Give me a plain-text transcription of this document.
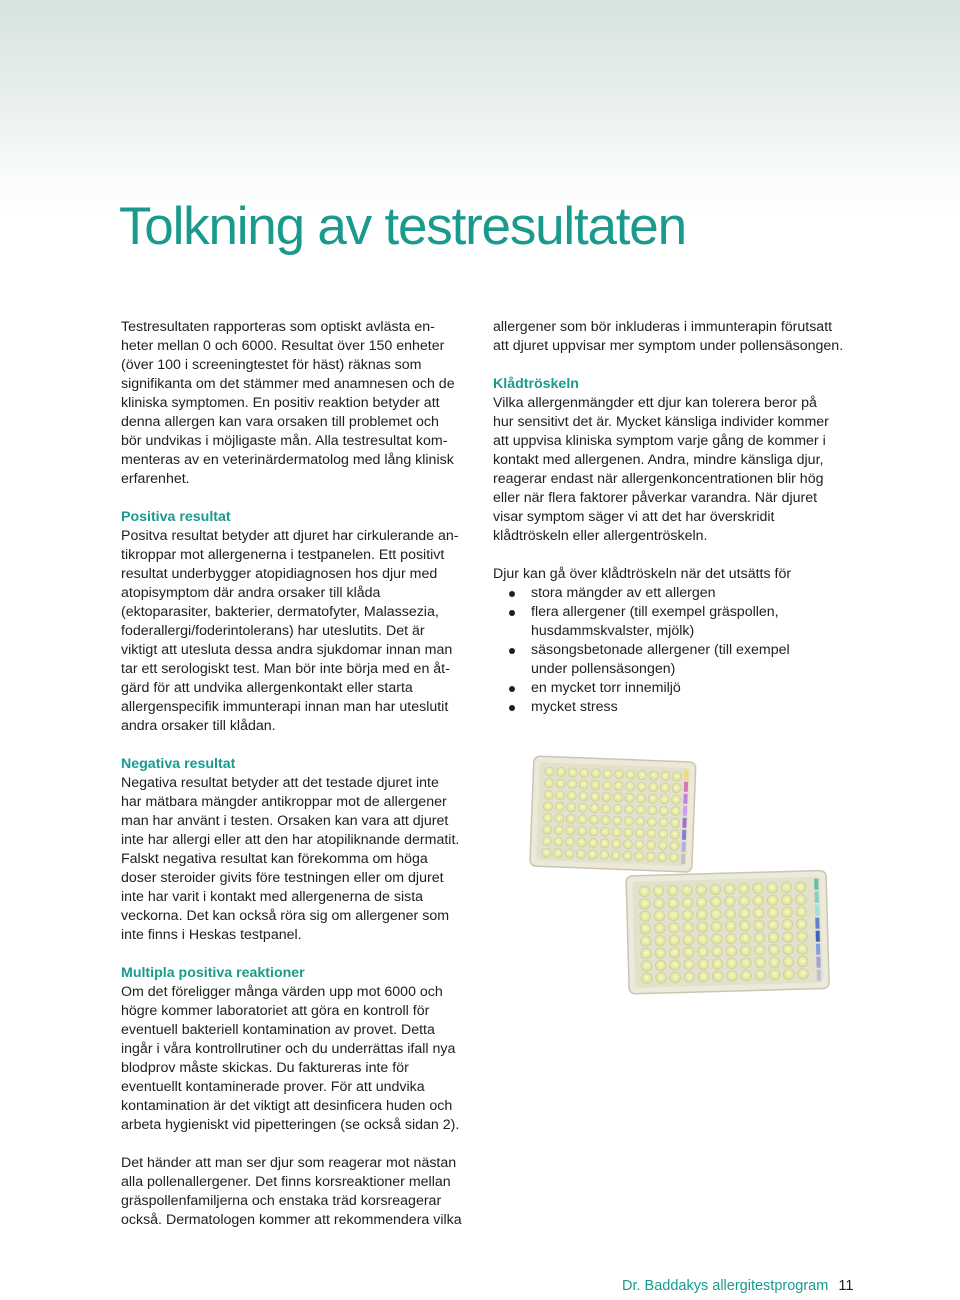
Tolkning av testresultaten

Testresultaten rapporteras som optiskt avlästa en-

heter mellan 0 och 6000. Resultat över 150 enheter

(över 100 i screeningtestet för häst) räknas som

signifikanta om det stämmer med anamnesen och de

kliniska symptomen. En positiv reaktion betyder att

denna allergen kan vara orsaken till problemet och

bör undvikas i möjligaste mån. Alla testresultat kom-

menteras av en veterinärdermatolog med lång klinisk

erfarenhet.

Positiva resultat

Positva resultat betyder att djuret har cirkulerande an-

tikroppar mot allergenerna i testpanelen. Ett positivt

resultat underbygger atopidiagnosen hos djur med

atopisymptom där andra orsaker till klåda

(ektoparasiter, bakterier, dermatofyter, Malassezia,

foderallergi/foderintolerans) har uteslutits. Det är

viktigt att utesluta dessa andra sjukdomar innan man

tar ett serologiskt test. Man bör inte börja med en åt-

gärd för att undvika allergenkontakt eller starta

allergenspecifik immunterapi innan man har uteslutit

andra orsaker till klådan.

Negativa resultat

Negativa resultat betyder att det testade djuret inte

har mätbara mängder antikroppar mot de allergener

man har använt i testen. Orsaken kan vara att djuret

inte har allergi eller att den har atopiliknande dermatit.

Falskt negativa resultat kan förekomma om höga

doser steroider givits före testningen eller om djuret

inte har varit i kontakt med allergenerna de sista

veckorna. Det kan också röra sig om allergener som

inte finns i Heskas testpanel.

Multipla positiva reaktioner

Om det föreligger många värden upp mot 6000 och

högre kommer laboratoriet att göra en kontroll för

eventuell bakteriell kontamination av provet. Detta

ingår i våra kontrollrutiner och du underrättas ifall nya

blodprov måste skickas. Du faktureras inte för

eventuellt kontaminerade prover. För att undvika

kontamination är det viktigt att desinficera huden och

arbeta hygieniskt vid pipetteringen (se också sidan 2).

Det händer att man ser djur som reagerar mot nästan

alla pollenallergener. Det finns korsreaktioner mellan

gräspollenfamiljerna och enstaka träd korsreagerar

också. Dermatologen kommer att rekommendera vilka

allergener som bör inkluderas i immunterapin förutsatt

att djuret uppvisar mer symptom under pollensäsongen.

Klådtröskeln

Vilka allergenmängder ett djur kan tolerera beror på

hur sensitivt det är. Mycket känsliga individer kommer

att uppvisa kliniska symptom varje gång de kommer i

kontakt med allergenen. Andra, mindre känsliga djur,

reagerar endast när allergenkoncentrationen blir hög

eller när flera faktorer påverkar varandra. När djuret

visar symptom säger vi att det har överskridit

klådtröskeln eller allergentröskeln.

Djur kan gå över klådtröskeln när det utsätts för

stora mängder av ett allergen
flera allergener (till exempel gräspollen,
husdammskvalster, mjölk)
säsongsbetonade allergener (till exempel
under pollensäsongen)
en mycket torr innemiljö
mycket stress
Dr. Baddakys allergitestprogram 11
